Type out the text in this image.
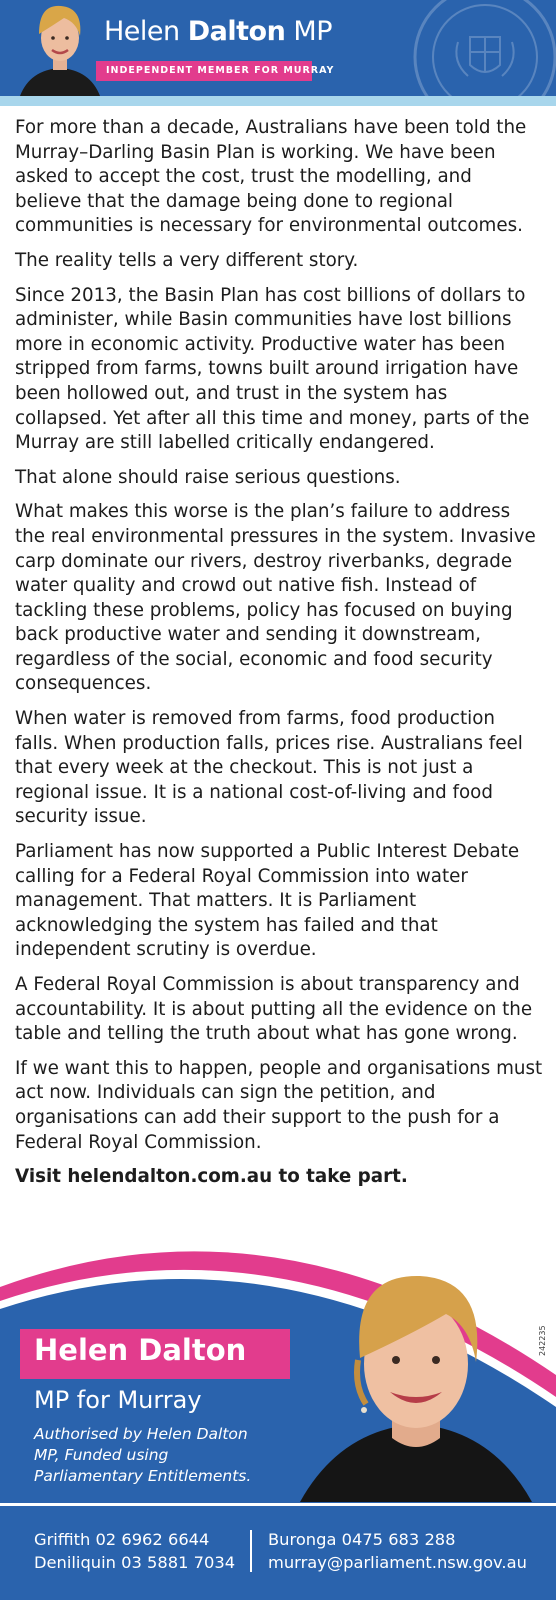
Helen Dalton MP
INDEPENDENT MEMBER FOR MURRAY

For more than a decade, Australians have been told the Murray–Darling Basin Plan is working. We have been asked to accept the cost, trust the modelling, and believe that the damage being done to regional communities is necessary for environmental outcomes.

The reality tells a very different story.

Since 2013, the Basin Plan has cost billions of dollars to administer, while Basin communities have lost billions more in economic activity. Productive water has been stripped from farms, towns built around irrigation have been hollowed out, and trust in the system has collapsed. Yet after all this time and money, parts of the Murray are still labelled critically endangered.

That alone should raise serious questions.

What makes this worse is the plan’s failure to address the real environmental pressures in the system. Invasive carp dominate our rivers, destroy riverbanks, degrade water quality and crowd out native fish. Instead of tackling these problems, policy has focused on buying back productive water and sending it downstream, regardless of the social, economic and food security consequences.

When water is removed from farms, food production falls. When production falls, prices rise. Australians feel that every week at the checkout. This is not just a regional issue. It is a national cost-of-living and food security issue.

Parliament has now supported a Public Interest Debate calling for a Federal Royal Commission into water management. That matters. It is Parliament acknowledging the system has failed and that independent scrutiny is overdue.

A Federal Royal Commission is about transparency and accountability. It is about putting all the evidence on the table and telling the truth about what has gone wrong.

If we want this to happen, people and organisations must act now. Individuals can sign the petition, and organisations can add their support to the push for a Federal Royal Commission.

Visit helendalton.com.au to take part.

Helen Dalton
MP for Murray
Authorised by Helen Dalton MP, Funded using Parliamentary Entitlements.
242235
Griffith 02 6962 6644
Deniliquin 03 5881 7034
Buronga 0475 683 288
murray@parliament.nsw.gov.au
